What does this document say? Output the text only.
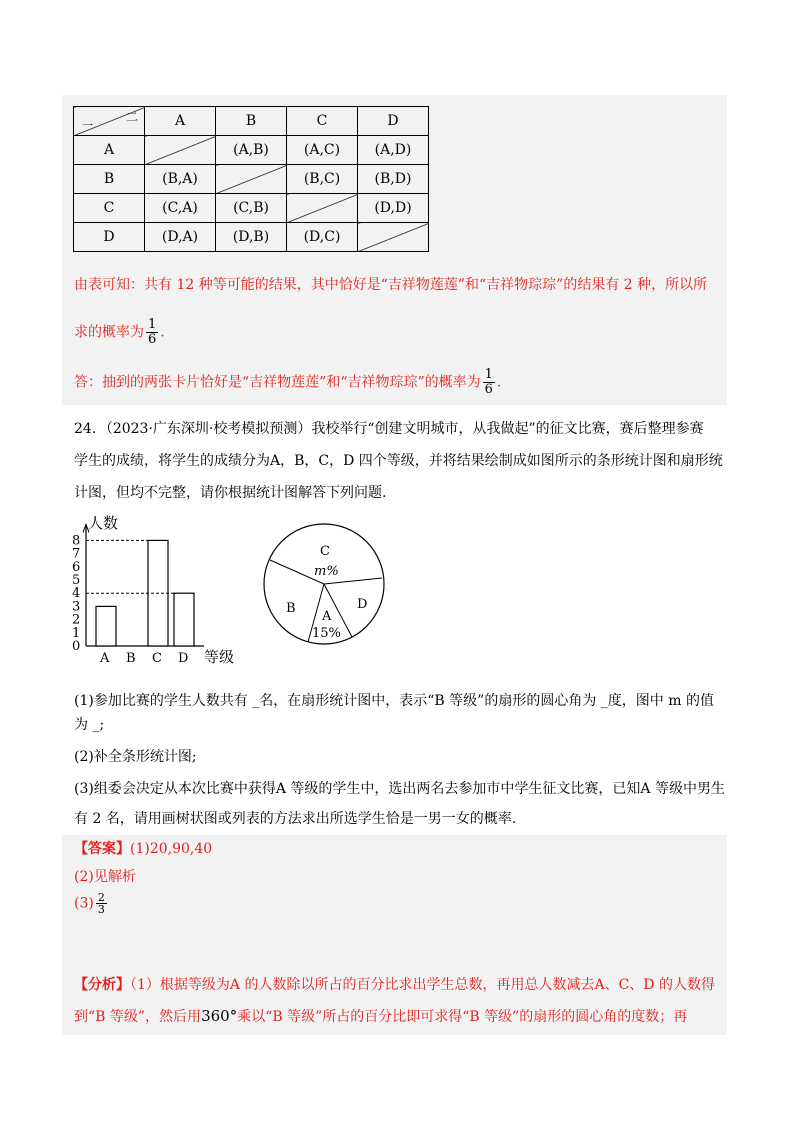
一
二	A	B	C	D
A		(A,B)	(A,C)	(A,D)
B	(B,A)		(B,C)	(B,D)
C	(C,A)	(C,B)		(D,D)
D	(D,A)	(D,B)	(D,C)	
由表可知：共有 12 种等可能的结果，其中恰好是“吉祥物莲莲”和“吉祥物琮琮”的结果有 2 种，所以所
求的概率为 $\frac{1}{6}$ .
答：抽到的两张卡片恰好是“吉祥物莲莲”和“吉祥物琮琮”的概率为 $\frac{1}{6}$ .
24．（2023·广东深圳·校考模拟预测）我校举行“创建文明城市，从我做起”的征文比赛，赛后整理参赛
学生的成绩，将学生的成绩分为A，B，C，D 四个等级，并将结果绘制成如图所示的条形统计图和扇形统
计图，但均不完整，请你根据统计图解答下列问题.
人数
等级
0
1
2
3
4
5
6
7
8
A B C D
C
m%
D
A
15%
B
(1)参加比赛的学生人数共有 _名，在扇形统计图中，表示“B 等级”的扇形的圆心角为 _度，图中 m 的值
为 _;
(2)补全条形统计图;
(3)组委会决定从本次比赛中获得A 等级的学生中，选出两名去参加市中学生征文比赛，已知A 等级中男生
有 2 名，请用画树状图或列表的方法求出所选学生恰是一男一女的概率.
【答案】(1)20,90,40
(2)见解析
$(3) \frac{2}{3}$
【分析】（1）根据等级为A 的人数除以所占的百分比求出学生总数，再用总人数减去A、C、D 的人数得
到“B 等级”，然后用360°乘以“B 等级”所占的百分比即可求得“B 等级”的扇形的圆心角的度数；再
